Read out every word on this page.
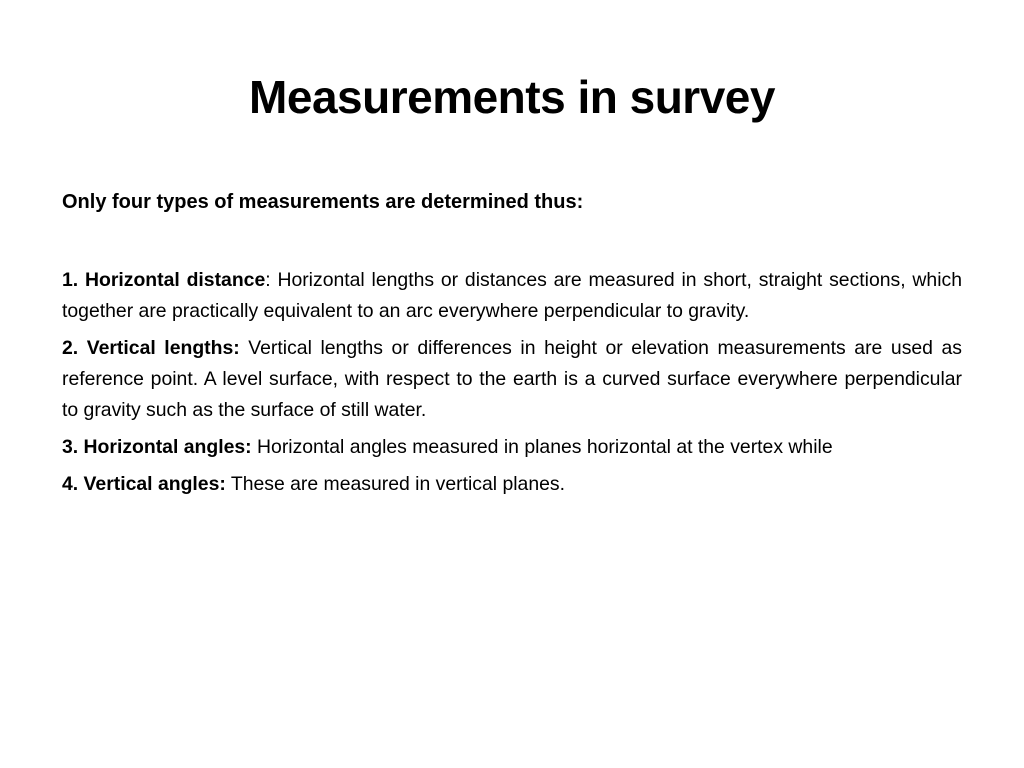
Measurements in survey

Only four types of measurements are determined thus:

1. Horizontal distance: Horizontal lengths or distances are measured in short, straight sections, which together are practically equivalent to an arc everywhere perpendicular to gravity.

2. Vertical lengths: Vertical lengths or differences in height or elevation measurements are used as reference point. A level surface, with respect to the earth is a curved surface everywhere perpendicular to gravity such as the surface of still water.

3. Horizontal angles: Horizontal angles measured in planes horizontal at the vertex while

4. Vertical angles: These are measured in vertical planes.
